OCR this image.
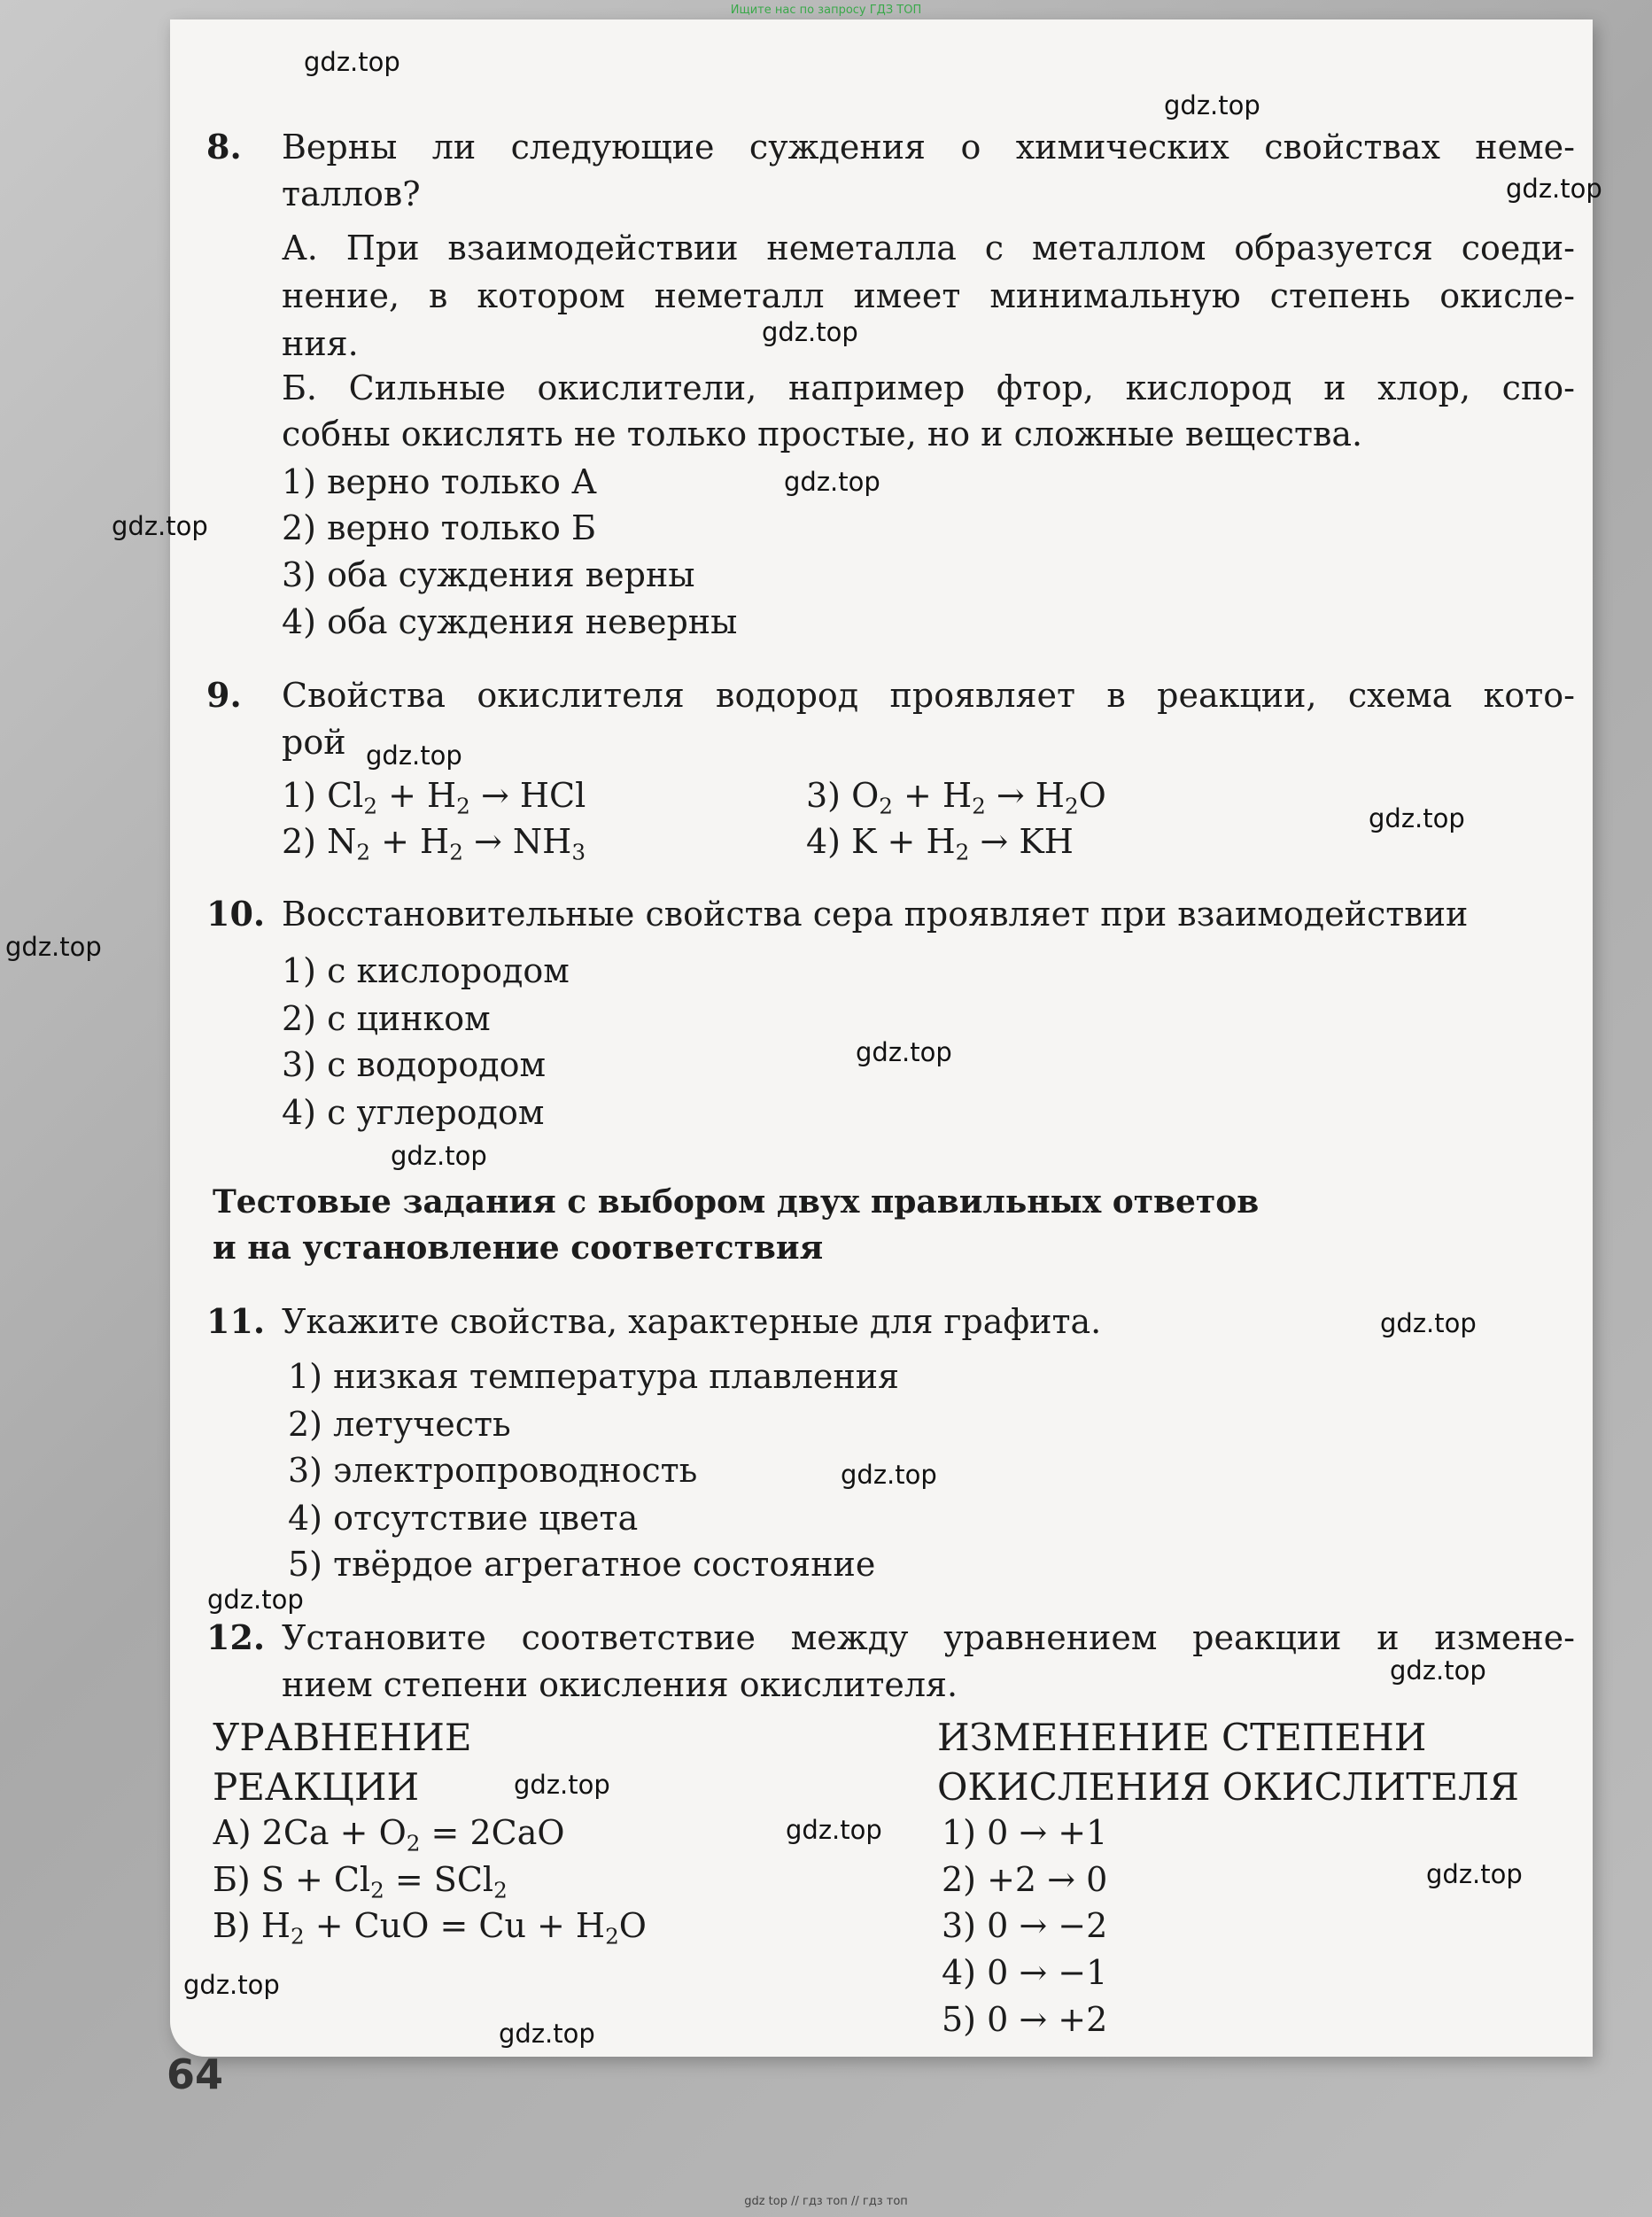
Ищите нас по запросу ГДЗ ТОП
8. Верны ли следующие суждения о химических свойствах неме-
таллов?
А. При взаимодействии неметалла с металлом образуется соеди-
нение, в котором неметалл имеет минимальную степень окисле-
ния.
Б. Сильные окислители, например фтор, кислород и хлор, спо-
собны окислять не только простые, но и сложные вещества.
1) верно только А
2) верно только Б
3) оба суждения верны
4) оба суждения неверны
9. Свойства окислителя водород проявляет в реакции, схема кото-
рой
1) $Cl_2 + H_2$ → HCl
2) $N_2 + H_2 \to NH_3$
3) $O_2 + H_2 \to H_2O$
4) $K + H_2$ → KH
10. Восстановительные свойства сера проявляет при взаимодействии
1) с кислородом
2) с цинком
3) с водородом
4) с углеродом
Тестовые задания с выбором двух правильных ответов
и на установление соответствия
11. Укажите свойства, характерные для графита.
1) низкая температура плавления
2) летучесть
3) электропроводность
4) отсутствие цвета
5) твёрдое агрегатное состояние
12. Установите соответствие между уравнением реакции и измене-
нием степени окисления окислителя.
УРАВНЕНИЕ
РЕАКЦИИ
ИЗМЕНЕНИЕ СТЕПЕНИ
ОКИСЛЕНИЯ ОКИСЛИТЕЛЯ
А) $2Ca + O_2 = 2CaO$
Б) $S + Cl_2 = SCl_2$
В) $H_2$ + CuO = $Cu + H_2O$
1) 0 → +1
2) +2 → 0
3) 0 → −2
4) 0 → −1
5) 0 → +2
64
gdz.top
gdz.top
gdz.top
gdz.top
gdz.top
gdz.top
gdz.top
gdz.top
gdz.top
gdz.top
gdz.top
gdz.top
gdz.top
gdz.top
gdz.top
gdz.top
gdz.top
gdz.top
gdz.top
gdz.top
gdz top // гдз топ // гдз топ
